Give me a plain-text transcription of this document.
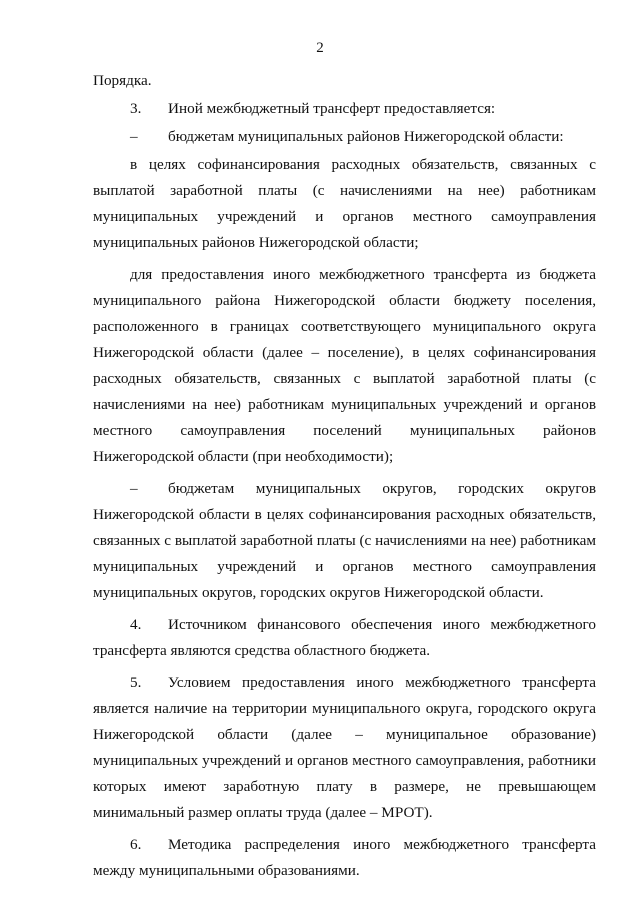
2

Порядка.

3. Иной межбюджетный трансферт предоставляется:

– бюджетам муниципальных районов Нижегородской области:

в целях софинансирования расходных обязательств, связанных с выплатой заработной платы (с начислениями на нее) работникам муниципальных учреждений и органов местного самоуправления муниципальных районов Нижегородской области;

для предоставления иного межбюджетного трансферта из бюджета муниципального района Нижегородской области бюджету поселения, расположенного в границах соответствующего муниципального округа Нижегородской области (далее – поселение), в целях софинансирования расходных обязательств, связанных с выплатой заработной платы (с начислениями на нее) работникам муниципальных учреждений и органов местного самоуправления поселений муниципальных районов Нижегородской области (при необходимости);

– бюджетам муниципальных округов, городских округов Нижегородской области в целях софинансирования расходных обязательств, связанных с выплатой заработной платы (с начислениями на нее) работникам муниципальных учреждений и органов местного самоуправления муниципальных округов, городских округов Нижегородской области.

4. Источником финансового обеспечения иного межбюджетного трансферта являются средства областного бюджета.

5. Условием предоставления иного межбюджетного трансферта является наличие на территории муниципального округа, городского округа Нижегородской области (далее – муниципальное образование) муниципальных учреждений и органов местного самоуправления, работники которых имеют заработную плату в размере, не превышающем минимальный размер оплаты труда (далее – МРОТ).

6. Методика распределения иного межбюджетного трансферта между муниципальными образованиями.
